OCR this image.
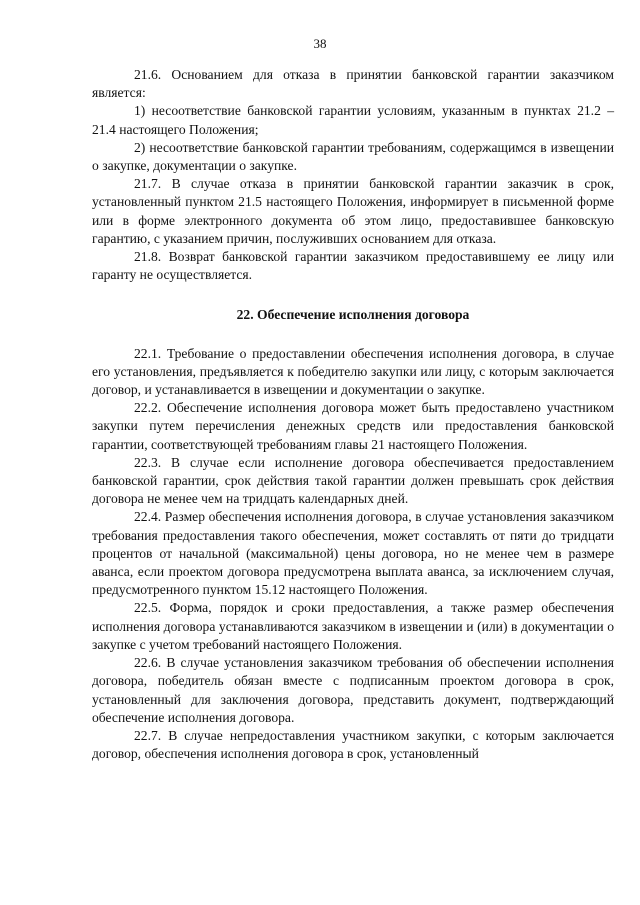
38

21.6. Основанием для отказа в принятии банковской гарантии заказчиком является:

1) несоответствие банковской гарантии условиям, указанным в пунктах 21.2 – 21.4 настоящего Положения;

2) несоответствие банковской гарантии требованиям, содержащимся в извещении о закупке, документации о закупке.

21.7. В случае отказа в принятии банковской гарантии заказчик в срок, установленный пунктом 21.5 настоящего Положения, информирует в письменной форме или в форме электронного документа об этом лицо, предоставившее банковскую гарантию, с указанием причин, послуживших основанием для отказа.

21.8. Возврат банковской гарантии заказчиком предоставившему ее лицу или гаранту не осуществляется.

22. Обеспечение исполнения договора

22.1. Требование о предоставлении обеспечения исполнения договора, в случае его установления, предъявляется к победителю закупки или лицу, с которым заключается договор, и устанавливается в извещении и документации о закупке.

22.2. Обеспечение исполнения договора может быть предоставлено участником закупки путем перечисления денежных средств или предоставления банковской гарантии, соответствующей требованиям главы 21 настоящего Положения.

22.3. В случае если исполнение договора обеспечивается предоставлением банковской гарантии, срок действия такой гарантии должен превышать срок действия договора не менее чем на тридцать календарных дней.

22.4. Размер обеспечения исполнения договора, в случае установления заказчиком требования предоставления такого обеспечения, может составлять от пяти до тридцати процентов от начальной (максимальной) цены договора, но не менее чем в размере аванса, если проектом договора предусмотрена выплата аванса, за исключением случая, предусмотренного пунктом 15.12 настоящего Положения.

22.5. Форма, порядок и сроки предоставления, а также размер обеспечения исполнения договора устанавливаются заказчиком в извещении и (или) в документации о закупке с учетом требований настоящего Положения.

22.6. В случае установления заказчиком требования об обеспечении исполнения договора, победитель обязан вместе с подписанным проектом договора в срок, установленный для заключения договора, представить документ, подтверждающий обеспечение исполнения договора.

22.7. В случае непредоставления участником закупки, с которым заключается договор, обеспечения исполнения договора в срок, установленный
